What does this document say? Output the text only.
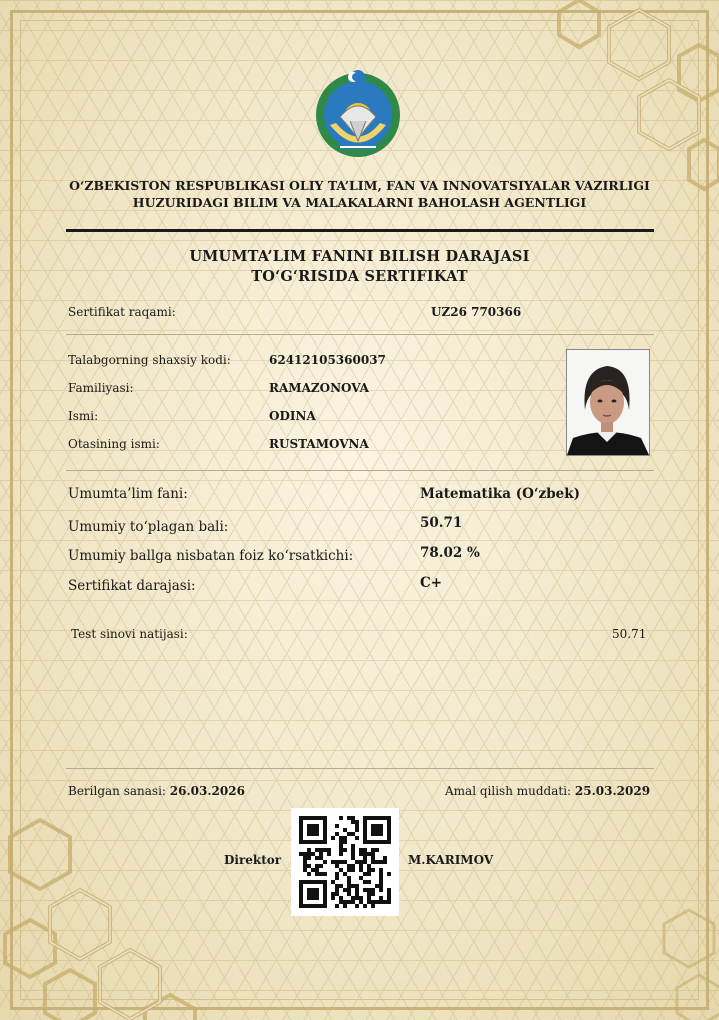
O‘ZBEKISTON RESPUBLIKASI OLIY TA’LIM, FAN VA INNOVATSIYALAR VAZIRLIGI
HUZURIDAGI BILIM VA MALAKALARNI BAHOLASH AGENTLIGI
UMUMTA’LIM FANINI BILISH DARAJASI
TO‘G‘RISIDA SERTIFIKAT
Sertifikat raqami:	UZ26 770366
Talabgorning shaxsiy kodi:	62412105360037
Familiyasi:	RAMAZONOVA
Ismi:	ODINA
Otasining ismi:	RUSTAMOVNA
Umumta’lim fani:	Matematika (O‘zbek)
Umumiy to‘plagan bali:	50.71
Umumiy ballga nisbatan foiz ko‘rsatkichi:	78.02 %
Sertifikat darajasi:	C+
Test sinovi natijasi:	50.71
Berilgan sanasi: 26.03.2026	Amal qilish muddati: 25.03.2029
Direktor	M.KARIMOV
